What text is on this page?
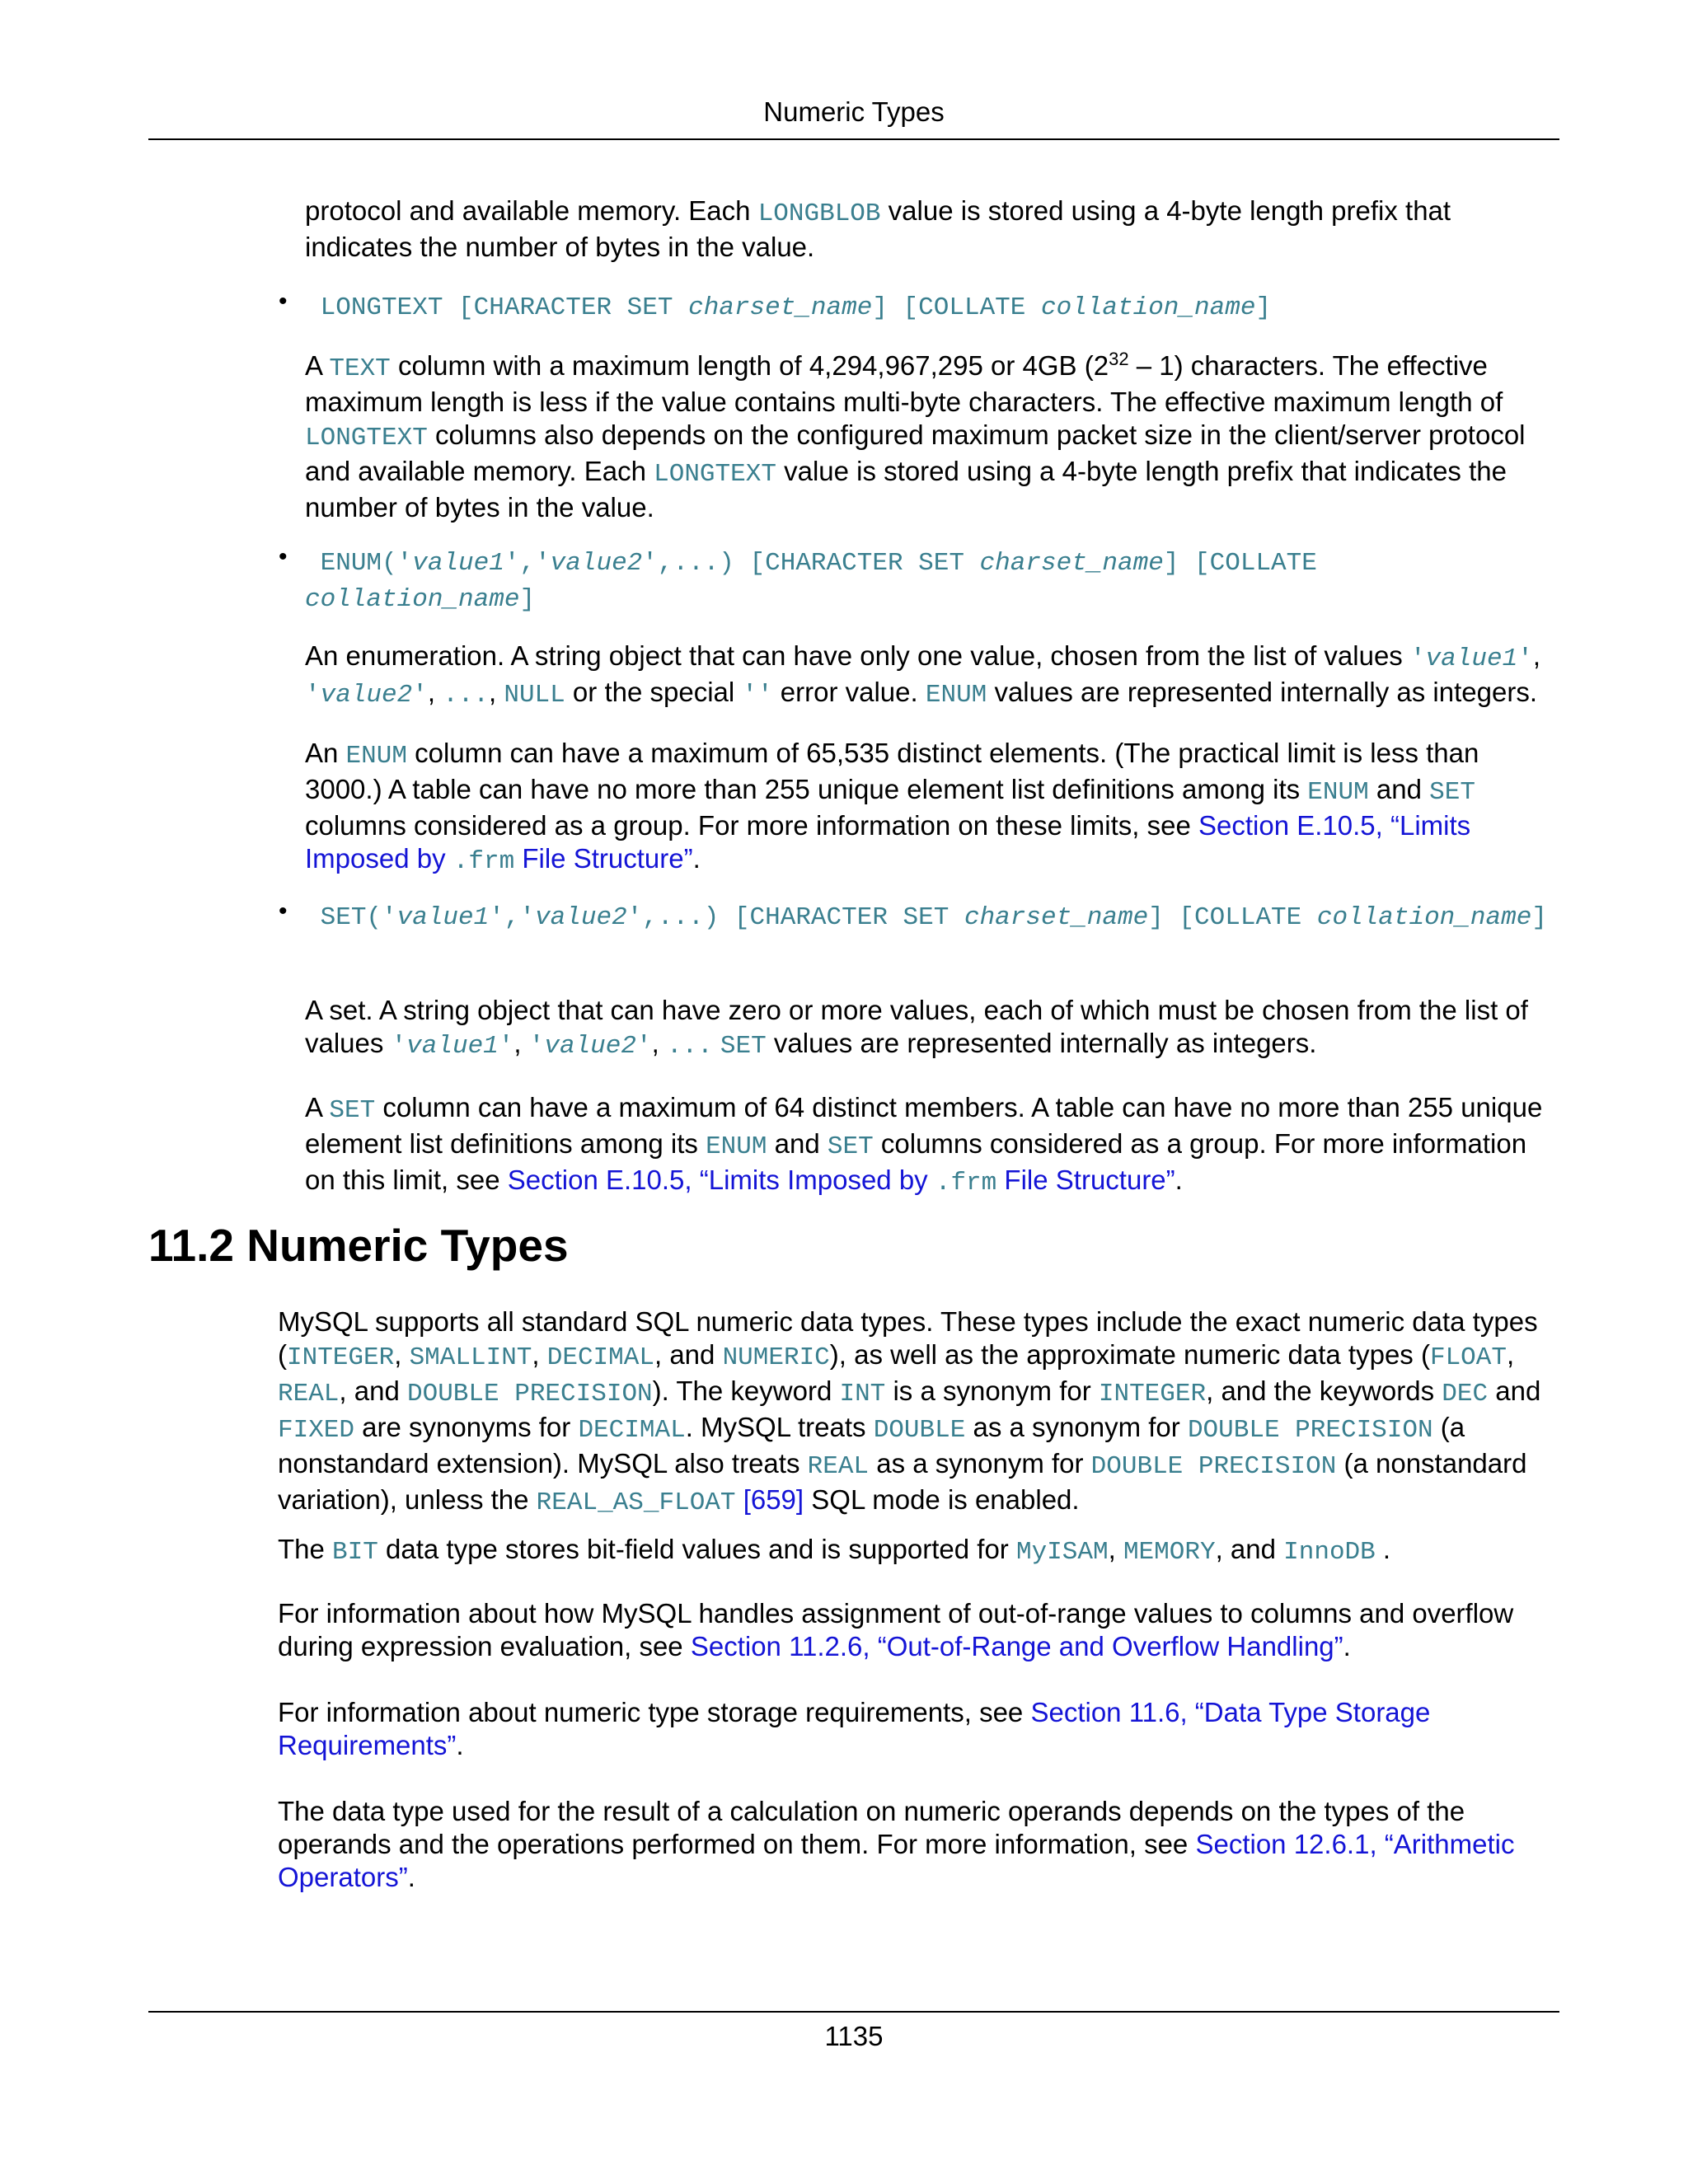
Numeric Types

protocol and available memory. Each LONGBLOB value is stored using a 4-byte length prefix that indicates the number of bytes in the value.

• LONGTEXT [CHARACTER SET charset_name] [COLLATE collation_name]

A TEXT column with a maximum length of 4,294,967,295 or 4GB $(2^{32} - 1)$ characters. The effective maximum length is less if the value contains multi-byte characters. The effective maximum length of LONGTEXT columns also depends on the configured maximum packet size in the client/server protocol and available memory. Each LONGTEXT value is stored using a 4-byte length prefix that indicates the number of bytes in the value.

• ENUM('value1','value2',...) [CHARACTER SET charset_name] [COLLATE collation_name]

An enumeration. A string object that can have only one value, chosen from the list of values 'value1', 'value2', ..., NULL or the special '' error value. ENUM values are represented internally as integers.

An ENUM column can have a maximum of 65,535 distinct elements. (The practical limit is less than 3000.) A table can have no more than 255 unique element list definitions among its ENUM and SET columns considered as a group. For more information on these limits, see Section E.10.5, “Limits Imposed by .frm File Structure”.

• SET('value1','value2',...) [CHARACTER SET charset_name] [COLLATE collation_name]

A set. A string object that can have zero or more values, each of which must be chosen from the list of values 'value1', 'value2', ... SET values are represented internally as integers.

A SET column can have a maximum of 64 distinct members. A table can have no more than 255 unique element list definitions among its ENUM and SET columns considered as a group. For more information on this limit, see Section E.10.5, “Limits Imposed by .frm File Structure”.

11.2 Numeric Types

MySQL supports all standard SQL numeric data types. These types include the exact numeric data types (INTEGER, SMALLINT, DECIMAL, and NUMERIC), as well as the approximate numeric data types (FLOAT, REAL, and DOUBLE PRECISION). The keyword INT is a synonym for INTEGER, and the keywords DEC and FIXED are synonyms for DECIMAL. MySQL treats DOUBLE as a synonym for DOUBLE PRECISION (a nonstandard extension). MySQL also treats REAL as a synonym for DOUBLE PRECISION (a nonstandard variation), unless the REAL_AS_FLOAT [659] SQL mode is enabled.

The BIT data type stores bit-field values and is supported for MyISAM, MEMORY, and InnoDB .

For information about how MySQL handles assignment of out-of-range values to columns and overflow during expression evaluation, see Section 11.2.6, “Out-of-Range and Overflow Handling”.

For information about numeric type storage requirements, see Section 11.6, “Data Type Storage Requirements”.

The data type used for the result of a calculation on numeric operands depends on the types of the operands and the operations performed on them. For more information, see Section 12.6.1, “Arithmetic Operators”.

1135
